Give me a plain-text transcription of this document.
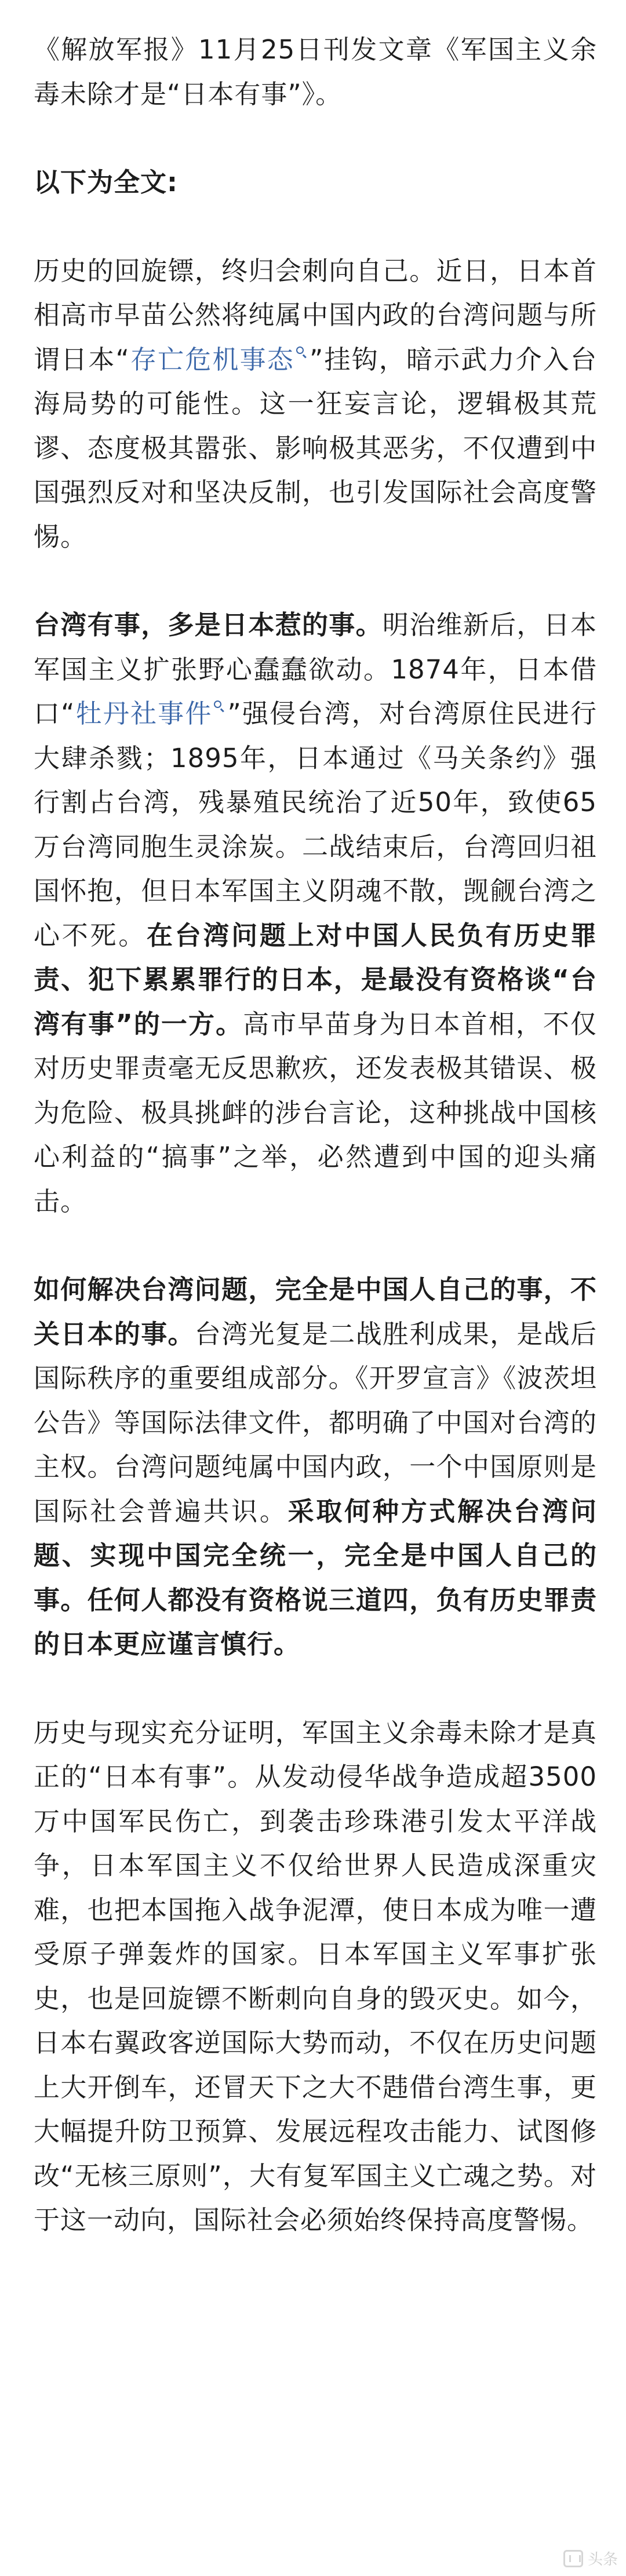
《解放军报》11月25日刊发文章《军国主义余毒未除才是“日本有事”》。

以下为全文:

历史的回旋镖，终归会刺向自己。近日，日本首相高市早苗公然将纯属中国内政的台湾问题与所谓日本“存亡危机事态 ”挂钩，暗示武力介入台海局势的可能性。这一狂妄言论，逻辑极其荒谬、态度极其嚣张、影响极其恶劣，不仅遭到中国强烈反对和坚决反制，也引发国际社会高度警惕。

台湾有事，多是日本惹的事。明治维新后，日本军国主义扩张野心蠢蠢欲动。1874年，日本借口“牡丹社事件 ”强侵台湾，对台湾原住民进行大肆杀戮；1895年，日本通过《马关条约》强行割占台湾，残暴殖民统治了近50年，致使65万台湾同胞生灵涂炭。二战结束后，台湾回归祖国怀抱，但日本军国主义阴魂不散，觊觎台湾之心不死。在台湾问题上对中国人民负有历史罪责、犯下累累罪行的日本，是最没有资格谈“台湾有事”的一方。高市早苗身为日本首相，不仅对历史罪责毫无反思歉疚，还发表极其错误、极为危险、极具挑衅的涉台言论，这种挑战中国核心利益的“搞事”之举，必然遭到中国的迎头痛击。

如何解决台湾问题，完全是中国人自己的事，不关日本的事。台湾光复是二战胜利成果，是战后国际秩序的重要组成部分。《开罗宣言》《波茨坦公告》等国际法律文件，都明确了中国对台湾的主权。台湾问题纯属中国内政，一个中国原则是国际社会普遍共识。采取何种方式解决台湾问题、实现中国完全统一，完全是中国人自己的事。任何人都没有资格说三道四，负有历史罪责的日本更应谨言慎行。

历史与现实充分证明，军国主义余毒未除才是真正的“日本有事”。从发动侵华战争造成超3500万中国军民伤亡，到袭击珍珠港引发太平洋战争，日本军国主义不仅给世界人民造成深重灾难，也把本国拖入战争泥潭，使日本成为唯一遭受原子弹轰炸的国家。日本军国主义军事扩张史，也是回旋镖不断刺向自身的毁灭史。如今，日本右翼政客逆国际大势而动，不仅在历史问题上大开倒车，还冒天下之大不韪借台湾生事，更大幅提升防卫预算、发展远程攻击能力、试图修改“无核三原则”，大有复军国主义亡魂之势。对于这一动向，国际社会必须始终保持高度警惕。

头条
